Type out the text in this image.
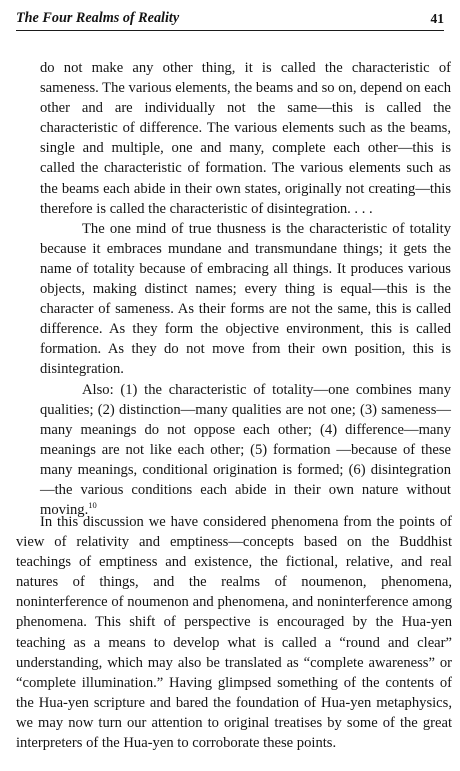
The Four Realms of Reality	41

do not make any other thing, it is called the characteristic of sameness. The various elements, the beams and so on, depend on each other and are individually not the same—this is called the characteristic of difference. The various elements such as the beams, single and multiple, one and many, complete each other—this is called the characteristic of formation. The various elements such as the beams each abide in their own states, originally not creating—this therefore is called the characteristic of disintegration. . . .

The one mind of true thusness is the characteristic of totality because it embraces mundane and transmundane things; it gets the name of totality because of embracing all things. It produces various objects, making distinct names; every thing is equal—this is the character of sameness. As their forms are not the same, this is called difference. As they form the objective environment, this is called formation. As they do not move from their own position, this is disintegration.

Also: (1) the characteristic of totality—one combines many qualities; (2) distinction—many qualities are not one; (3) sameness—many meanings do not oppose each other; (4) difference—many meanings are not like each other; (5) formation —because of these many meanings, conditional origination is formed; (6) disintegration—the various conditions each abide in their own nature without moving.$^{10}$

In this discussion we have considered phenomena from the points of view of relativity and emptiness—concepts based on the Buddhist teachings of emptiness and existence, the fictional, relative, and real natures of things, and the realms of noumenon, phenomena, noninterference of noumenon and phenomena, and noninterference among phenomena. This shift of perspective is encouraged by the Hua-yen teaching as a means to develop what is called a “round and clear” understanding, which may also be translated as “complete awareness” or “complete illumination.” Having glimpsed something of the contents of the Hua-yen scripture and bared the foundation of Hua-yen metaphysics, we may now turn our attention to original treatises by some of the great interpreters of the Hua-yen to corroborate these points.
